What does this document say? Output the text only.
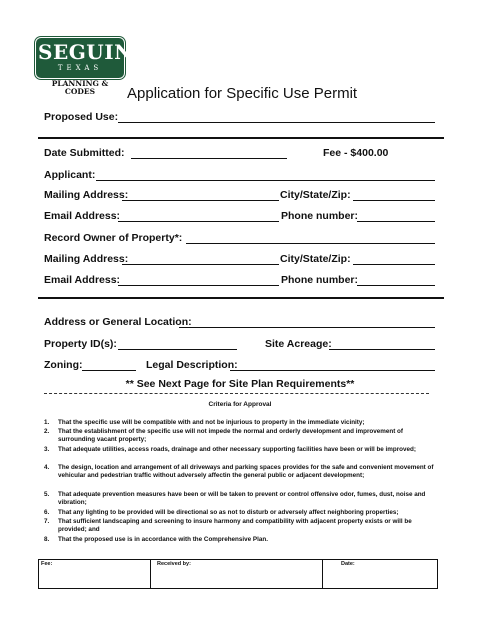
SEGUIN
TEXAS
PLANNING &
CODES	Application for Specific Use Permit
Proposed Use:
Date Submitted:	Fee - $400.00
Applicant:
Mailing Address:	City/State/Zip:
Email Address:	Phone number:
Record Owner of Property*:
Mailing Address:	City/State/Zip:
Email Address:	Phone number:
Address or General Location:
Property ID(s):	Site Acreage:
Zoning:	Legal Description:
** See Next Page for Site Plan Requirements**
Criteria for Approval
1. That the specific use will be compatible with and not be injurious to property in the immediate vicinity;
2. That the establishment of the specific use will not impede the normal and orderly development and improvement of surrounding vacant property;
3. That adequate utilities, access roads, drainage and other necessary supporting facilities have been or will be improved;
4. The design, location and arrangement of all driveways and parking spaces provides for the safe and convenient movement of vehicular and pedestrian traffic without adversely affectin the general public or adjacent development;
5. That adequate prevention measures have been or will be taken to prevent or control offensive odor, fumes, dust, noise and vibration;
6. That any lighting to be provided will be directional so as not to disturb or adversely affect neighboring properties;
7. That sufficient landscaping and screening to insure harmony and compatibility with adjacent property exists or will be provided; and
8. That the proposed use is in accordance with the Comprehensive Plan.
Fee:	Received by:	Date:
